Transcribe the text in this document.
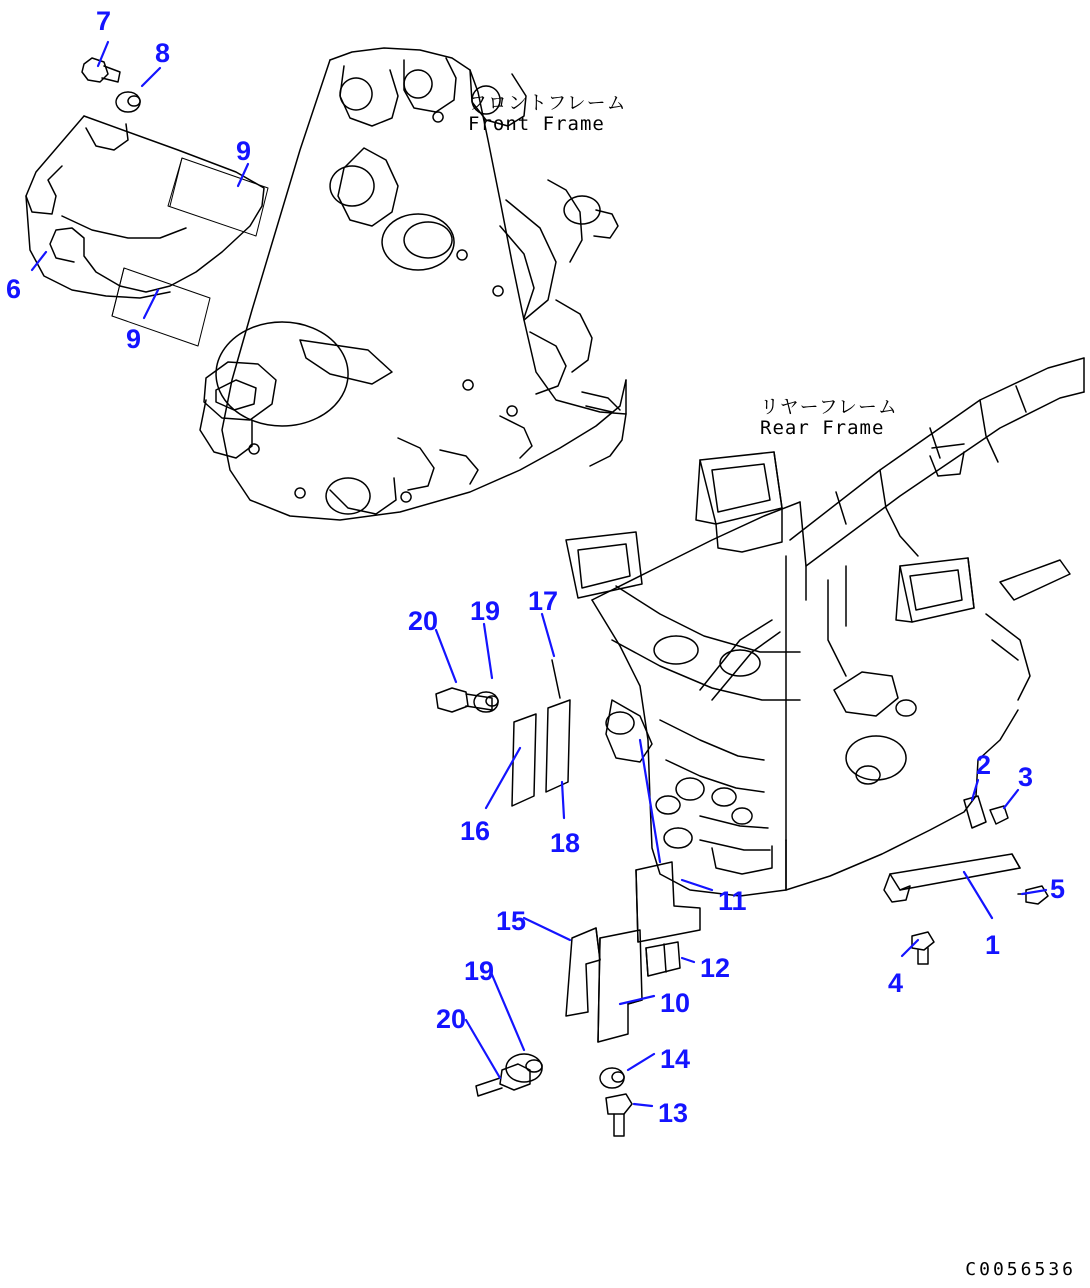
フロントフレーム
Front Frame
リヤーフレーム
Rear Frame
7
8
9
6
9
20 19 17
16 18
2 3
5
1
4
11
15
12
19
10
20
14
13
C0056536
